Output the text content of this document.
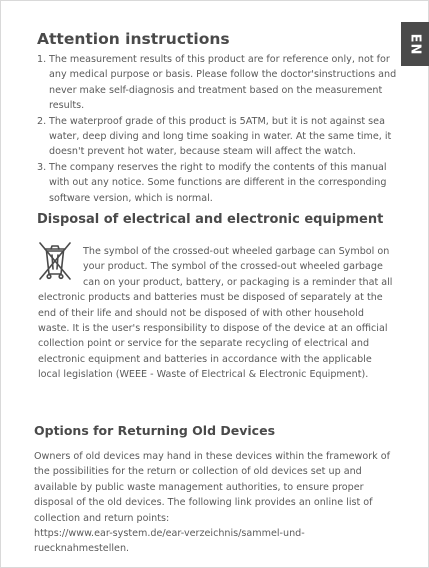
EN
Attention instructions
1. The measurement results of this product are for reference only, not for any medical purpose or basis. Please follow the doctor'sinstructions and never make self-diagnosis and treatment based on the measurement results.
2. The waterproof grade of this product is 5ATM, but it is not against sea water, deep diving and long time soaking in water. At the same time, it doesn't prevent hot water, because steam will affect the watch.
3. The company reserves the right to modify the contents of this manual with out any notice. Some functions are different in the corresponding software version, which is normal.
Disposal of electrical and electronic equipment
The symbol of the crossed-out wheeled garbage can Symbol on your product. The symbol of the crossed-out wheeled garbage can on your product, battery, or packaging is a reminder that all electronic products and batteries must be disposed of separately at the end of their life and should not be disposed of with other household waste. It is the user's responsibility to dispose of the device at an official collection point or service for the separate recycling of electrical and electronic equipment and batteries in accordance with the applicable local legislation (WEEE - Waste of Electrical & Electronic Equipment).
Options for Returning Old Devices
Owners of old devices may hand in these devices within the framework of the possibilities for the return or collection of old devices set up and available by public waste management authorities, to ensure proper disposal of the old devices. The following link provides an online list of collection and return points:
https://www.ear-system.de/ear-verzeichnis/sammel-und-ruecknahmestellen.
